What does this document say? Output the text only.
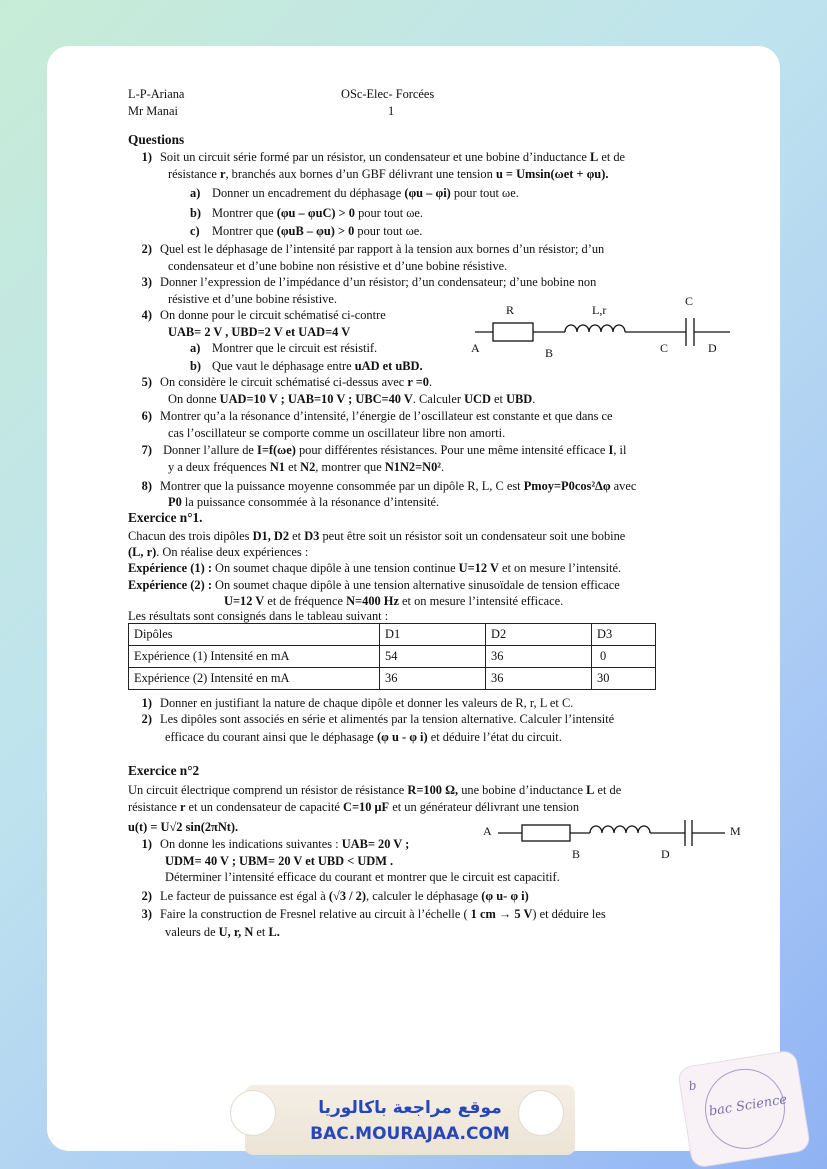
L-P-Ariana
Mr Manai
OSc-Elec- Forcées
1
Questions
1) Soit un circuit série formé par un résistor, un condensateur et une bobine d’inductance L et de
résistance r, branchés aux bornes d’un GBF délivrant une tension u = Umsin(ωet + φu).
a) Donner un encadrement du déphasage (φu – φi) pour tout ωe.
b) Montrer que (φu – φuC) > 0 pour tout ωe.
c) Montrer que (φuB – φu) > 0 pour tout ωe.
2) Quel est le déphasage de l’intensité par rapport à la tension aux bornes d’un résistor; d’un
condensateur et d’une bobine non résistive et d’une bobine résistive.
3) Donner l’expression de l’impédance d’un résistor; d’un condensateur; d’une bobine non
résistive et d’une bobine résistive.
4) On donne pour le circuit schématisé ci-contre
UAB= 2 V , UBD=2 V et UAD=4 V
a) Montrer que le circuit est résistif.
b) Que vaut le déphasage entre uAD et uBD.
5) On considère le circuit schématisé ci-dessus avec r =0.
On donne UAD=10 V ; UAB=10 V ; UBC=40 V. Calculer UCD et UBD.
6) Montrer qu’a la résonance d’intensité, l’énergie de l’oscillateur est constante et que dans ce
cas l’oscillateur se comporte comme un oscillateur libre non amorti.
7) Donner l’allure de I=f(ωe) pour différentes résistances. Pour une même intensité efficace I, il
y a deux fréquences N1 et N2, montrer que N1N2=N0².
8) Montrer que la puissance moyenne consommée par un dipôle R, L, C est Pmoy=P0cos²Δφ avec
P0 la puissance consommée à la résonance d’intensité.
Exercice n°1.
Chacun des trois dipôles D1, D2 et D3 peut être soit un résistor soit un condensateur soit une bobine
(L, r). On réalise deux expériences :
Expérience (1) : On soumet chaque dipôle à une tension continue U=12 V et on mesure l’intensité.
Expérience (2) : On soumet chaque dipôle à une tension alternative sinusoïdale de tension efficace
U=12 V et de fréquence N=400 Hz et on mesure l’intensité efficace.
Les résultats sont consignés dans le tableau suivant :
Dipôles	D1	D2	D3
Expérience (1) Intensité en mA	54	36	0
Expérience (2) Intensité en mA	36	36	30
1) Donner en justifiant la nature de chaque dipôle et donner les valeurs de R, r, L et C.
2) Les dipôles sont associés en série et alimentés par la tension alternative. Calculer l’intensité
efficace du courant ainsi que le déphasage (φ u - φ i) et déduire l’état du circuit.
Exercice n°2
Un circuit électrique comprend un résistor de résistance R=100 Ω, une bobine d’inductance L et de
résistance r et un condensateur de capacité C=10 μF et un générateur délivrant une tension
u(t) = U√2 sin(2πNt).
1) On donne les indications suivantes : UAB= 20 V ;
UDM= 40 V ; UBM= 20 V et UBD < UDM .
Déterminer l’intensité efficace du courant et montrer que le circuit est capacitif.
2) Le facteur de puissance est égal à (√3 / 2), calculer le déphasage (φ u- φ i)
3) Faire la construction de Fresnel relative au circuit à l’échelle ( 1 cm → 5 V) et déduire les
valeurs de U, r, N et L.
R	L,r
C
A	B	C	D
A
B	D
M
موقع مراجعة باكالوريا
BAC.MOURAJAA.COM
bac Science
b
